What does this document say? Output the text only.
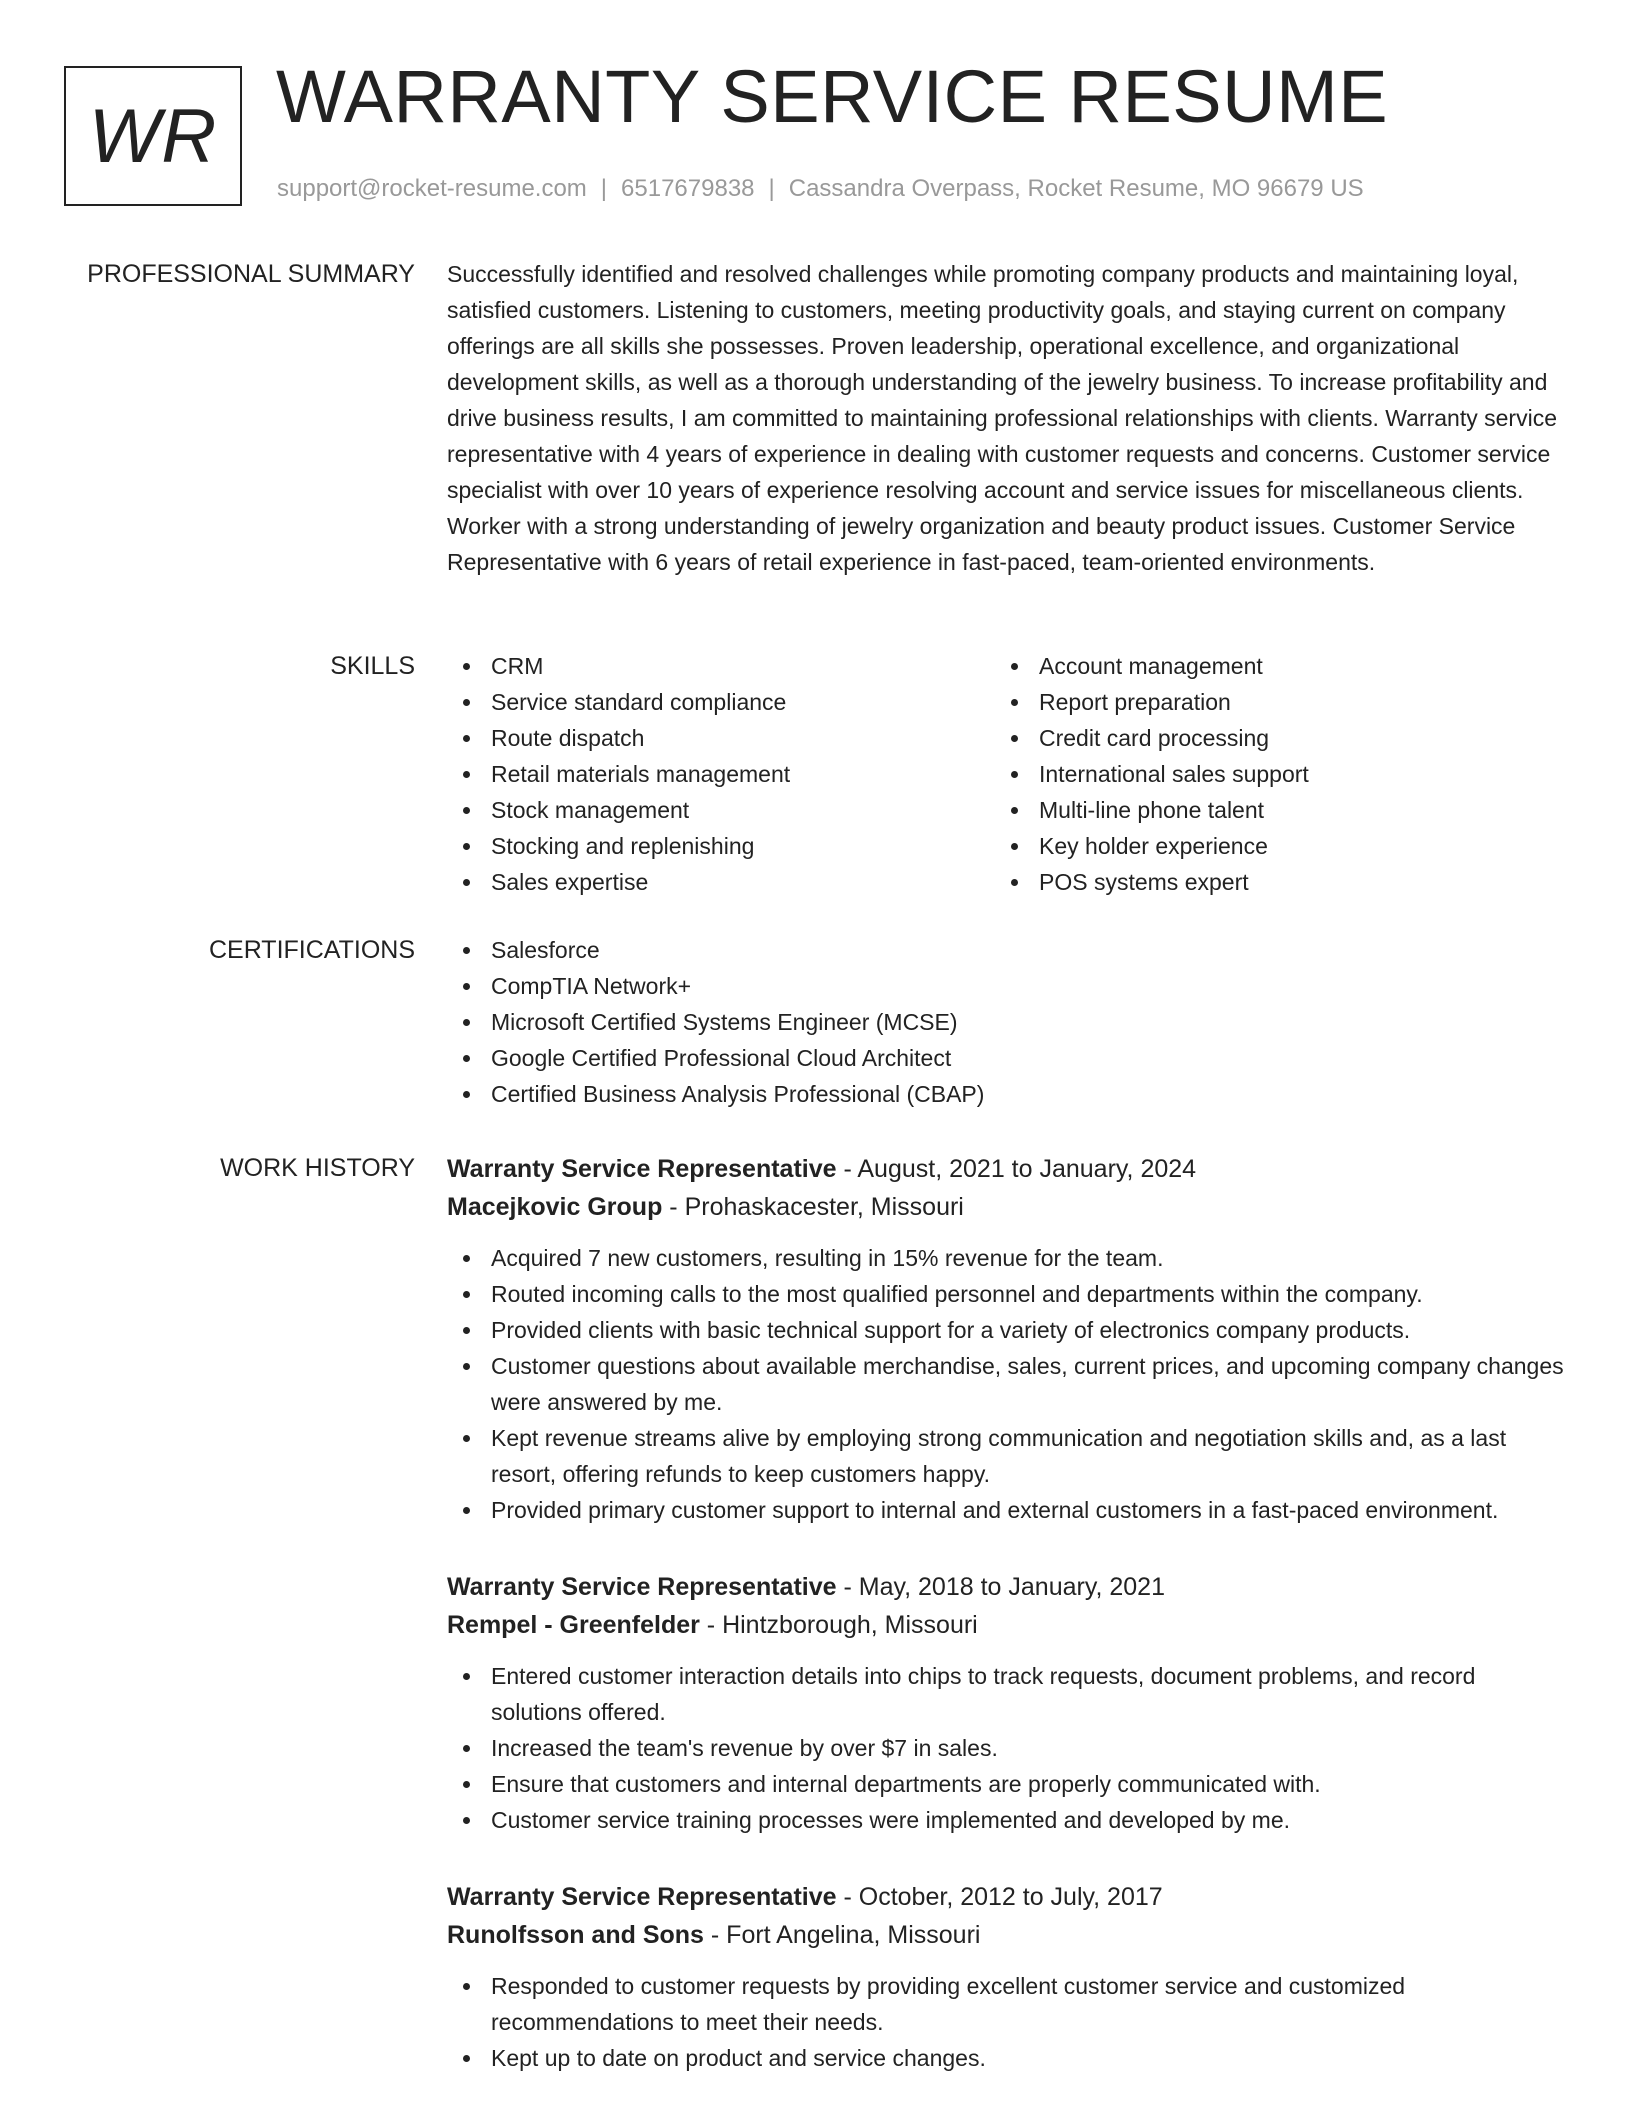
WR WARRANTY SERVICE RESUME
support@rocket-resume.com | 6517679838 | Cassandra Overpass, Rocket Resume, MO 96679 US
PROFESSIONAL SUMMARY Successfully identified and resolved challenges while promoting company products and maintaining loyal, satisfied customers. Listening to customers, meeting productivity goals, and staying current on company offerings are all skills she possesses. Proven leadership, operational excellence, and organizational development skills, as well as a thorough understanding of the jewelry business. To increase profitability and drive business results, I am committed to maintaining professional relationships with clients. Warranty service representative with 4 years of experience in dealing with customer requests and concerns. Customer service specialist with over 10 years of experience resolving account and service issues for miscellaneous clients. Worker with a strong understanding of jewelry organization and beauty product issues. Customer Service Representative with 6 years of retail experience in fast-paced, team-oriented environments.

SKILLS	CRM
Service standard compliance
Route dispatch
Retail materials management
Stock management
Stocking and replenishing
Sales expertise
Account management
Report preparation
Credit card processing
International sales support
Multi-line phone talent
Key holder experience
POS systems expert
CERTIFICATIONS	Salesforce
CompTIA Network+
Microsoft Certified Systems Engineer (MCSE)
Google Certified Professional Cloud Architect
Certified Business Analysis Professional (CBAP)
WORK HISTORY Warranty Service Representative - August, 2021 to January, 2024
Macejkovic Group - Prohaskacester, Missouri
Acquired 7 new customers, resulting in 15% revenue for the team.
Routed incoming calls to the most qualified personnel and departments within the company.
Provided clients with basic technical support for a variety of electronics company products.
Customer questions about available merchandise, sales, current prices, and upcoming company changes were answered by me.
Kept revenue streams alive by employing strong communication and negotiation skills and, as a last resort, offering refunds to keep customers happy.
Provided primary customer support to internal and external customers in a fast-paced environment.
Warranty Service Representative - May, 2018 to January, 2021
Rempel - Greenfelder - Hintzborough, Missouri
Entered customer interaction details into chips to track requests, document problems, and record solutions offered.
Increased the team's revenue by over $7 in sales.
Ensure that customers and internal departments are properly communicated with.
Customer service training processes were implemented and developed by me.
Warranty Service Representative - October, 2012 to July, 2017
Runolfsson and Sons - Fort Angelina, Missouri
Responded to customer requests by providing excellent customer service and customized recommendations to meet their needs.
Kept up to date on product and service changes.
